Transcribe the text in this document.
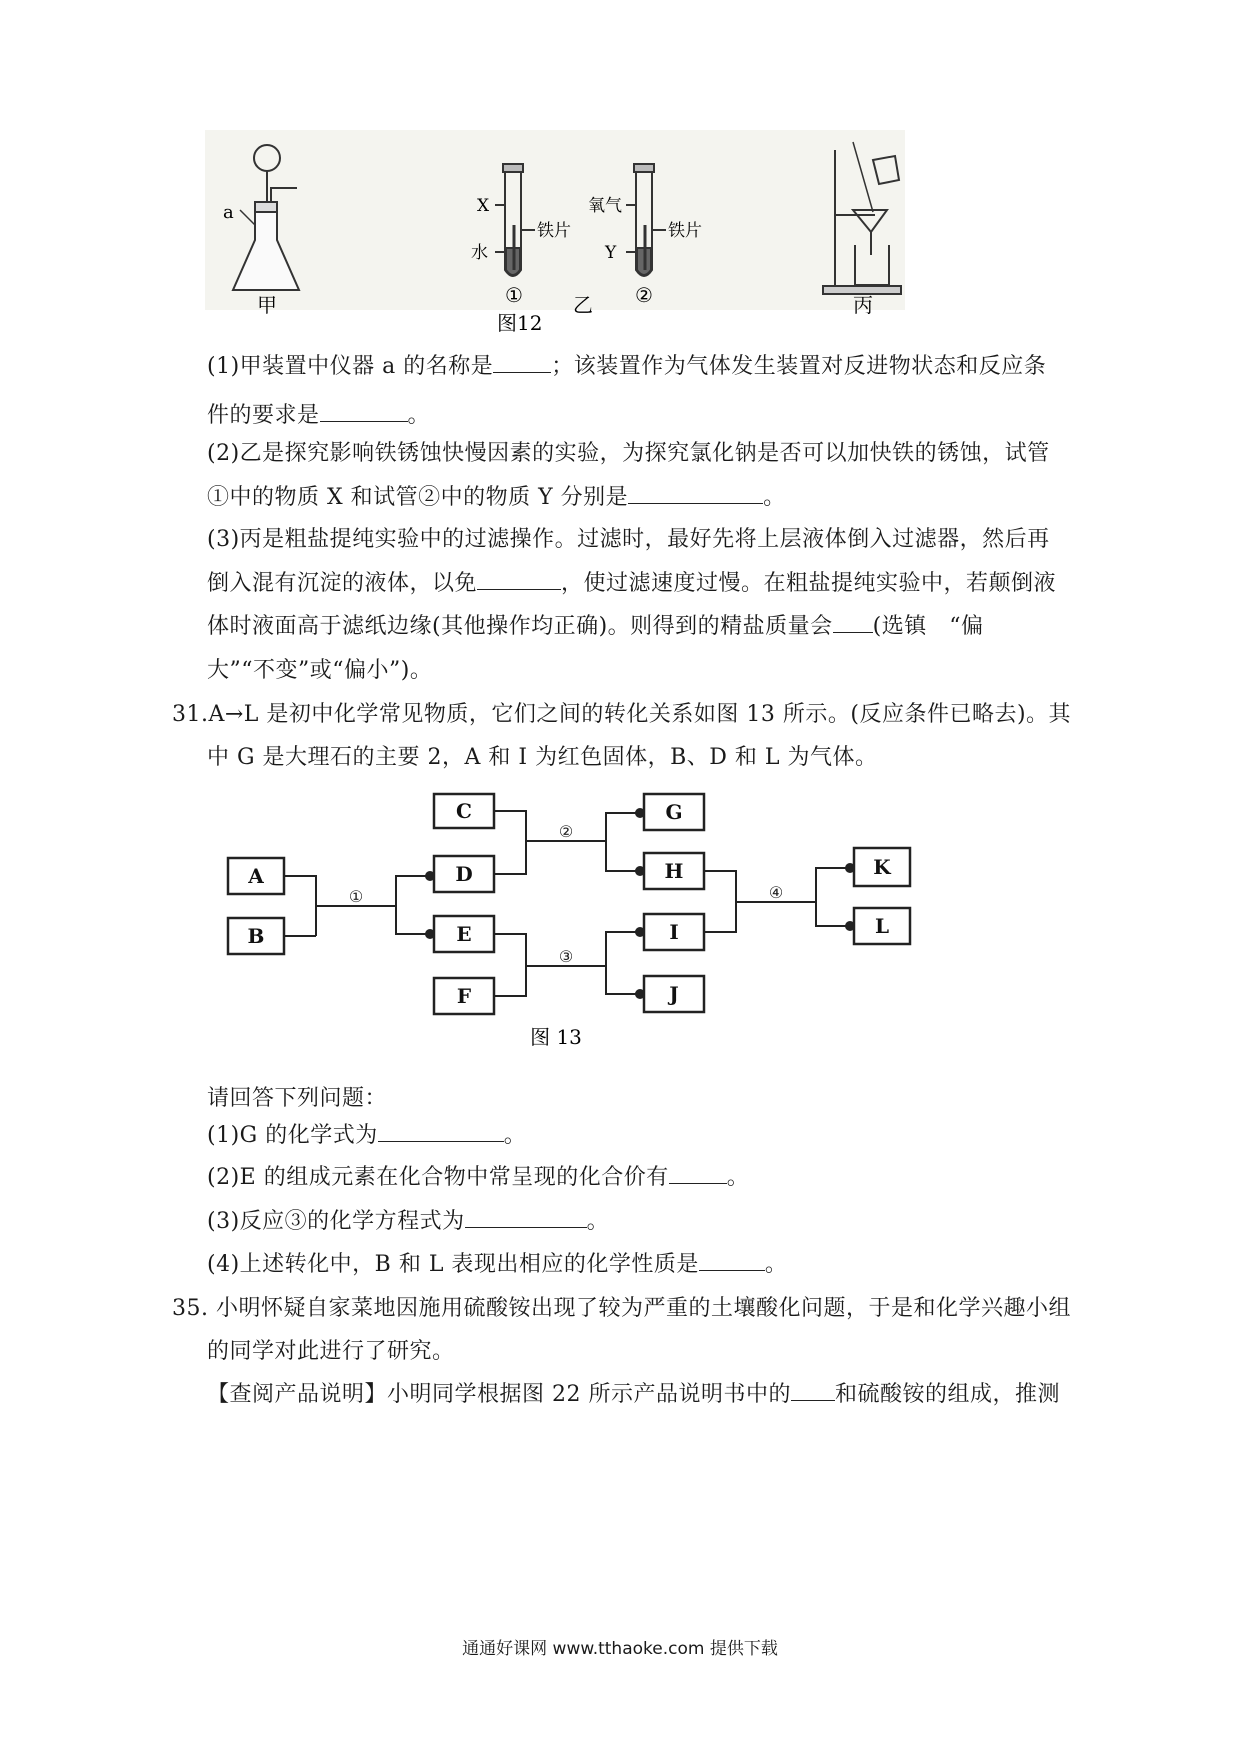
a
甲
X
水
铁片
①
氧气
Y
铁片
②
乙
图12
丙
(1)甲装置中仪器 a 的名称是	；该装置作为气体发生装置对反进物状态和反应条
件的要求是	。
(2)乙是探究影响铁锈蚀快慢因素的实验，为探究氯化钠是否可以加快铁的锈蚀，试管
①中的物质 X 和试管②中的物质 Y 分别是	。
(3)丙是粗盐提纯实验中的过滤操作。过滤时，最好先将上层液体倒入过滤器，然后再
倒入混有沉淀的液体，以免	，使过滤速度过慢。在粗盐提纯实验中，若颠倒液
体时液面高于滤纸边缘(其他操作均正确)。则得到的精盐质量会 (选镇　“偏
大”“不变”或“偏小”)。
31.A→L 是初中化学常见物质，它们之间的转化关系如图 13 所示。(反应条件已略去)。其
中 G 是大理石的主要 2，A 和 I 为红色固体，B、D 和 L 为气体。
A
B
C
D
E
F
G
H
I
J
K
L
①
②
③
④
图 13
请回答下列问题：
(1)G 的化学式为	。
(2)E 的组成元素在化合物中常呈现的化合价有	。
(3)反应③的化学方程式为	。
(4)上述转化中，B 和 L 表现出相应的化学性质是	。
35. 小明怀疑自家菜地因施用硫酸铵出现了较为严重的土壤酸化问题，于是和化学兴趣小组
的同学对此进行了研究。
【查阅产品说明】小明同学根据图 22 所示产品说明书中的 和硫酸铵的组成，推测
通通好课网 www.tthaoke.com 提供下载
